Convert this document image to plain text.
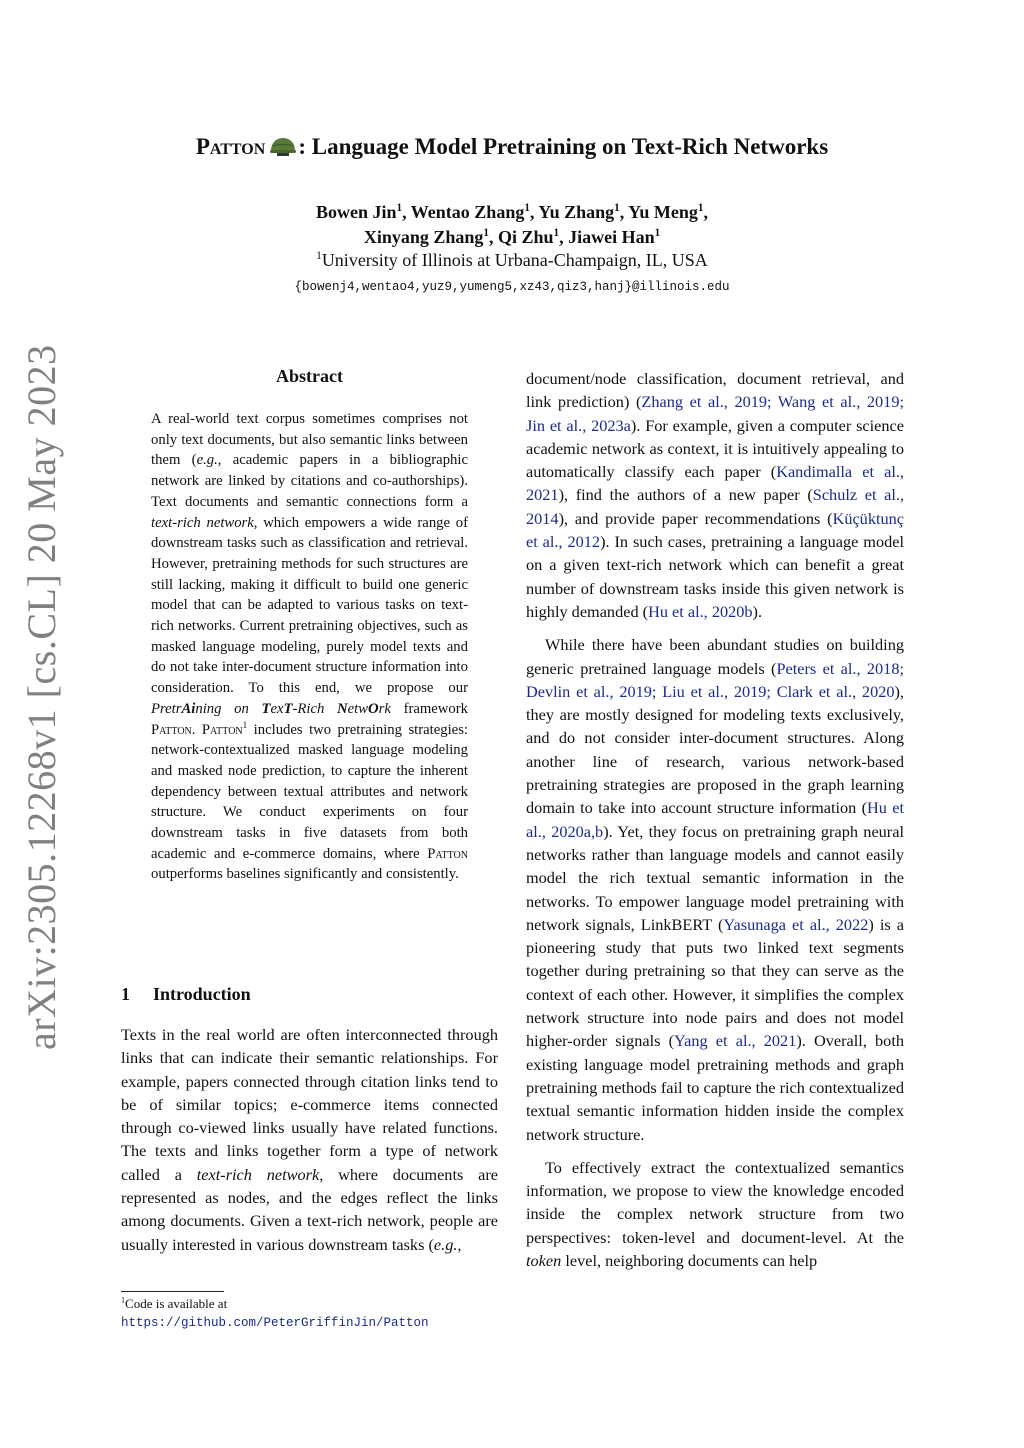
arXiv:2305.12268v1 [cs.CL] 20 May 2023
Patton : Language Model Pretraining on Text-Rich Networks
Bowen Jin$^1$, Wentao Zhang$^1$, Yu Zhang$^1$, Yu Meng$^1$,
Xinyang Zhang$^1$, Qi Zhu$^1$, Jiawei Han$^1$
$^1$University of Illinois at Urbana-Champaign, IL, USA
{bowenj4,wentao4,yuz9,yumeng5,xz43,qiz3,hanj}@illinois.edu
Abstract
A real-world text corpus sometimes comprises not only text documents, but also semantic links between them (e.g., academic papers in a bibliographic network are linked by citations and co-authorships). Text documents and semantic connections form a text-rich network, which empowers a wide range of downstream tasks such as classification and retrieval. However, pretraining methods for such structures are still lacking, making it difficult to build one generic model that can be adapted to various tasks on text-rich networks. Current pretraining objectives, such as masked language modeling, purely model texts and do not take inter-document structure information into consideration. To this end, we propose our PretrAining on TexT-Rich NetwOrk framework Patton. Patton$^1$ includes two pretraining strategies: network-contextualized masked language modeling and masked node prediction, to capture the inherent dependency between textual attributes and network structure. We conduct experiments on four downstream tasks in five datasets from both academic and e-commerce domains, where Patton outperforms baselines significantly and consistently.
1 Introduction
Texts in the real world are often interconnected through links that can indicate their semantic relationships. For example, papers connected through citation links tend to be of similar topics; e-commerce items connected through co-viewed links usually have related functions. The texts and links together form a type of network called a text-rich network, where documents are represented as nodes, and the edges reflect the links among documents. Given a text-rich network, people are usually interested in various downstream tasks (e.g.,
$^1$Code is available at https://github.com/PeterGriffinJin/Patton

document/node classification, document retrieval, and link prediction) (Zhang et al., 2019; Wang et al., 2019; Jin et al., 2023a). For example, given a computer science academic network as context, it is intuitively appealing to automatically classify each paper (Kandimalla et al., 2021), find the authors of a new paper (Schulz et al., 2014), and provide paper recommendations (Küçüktunç et al., 2012). In such cases, pretraining a language model on a given text-rich network which can benefit a great number of downstream tasks inside this given network is highly demanded (Hu et al., 2020b).

While there have been abundant studies on building generic pretrained language models (Peters et al., 2018; Devlin et al., 2019; Liu et al., 2019; Clark et al., 2020), they are mostly designed for modeling texts exclusively, and do not consider inter-document structures. Along another line of research, various network-based pretraining strategies are proposed in the graph learning domain to take into account structure information (Hu et al., 2020a,b). Yet, they focus on pretraining graph neural networks rather than language models and cannot easily model the rich textual semantic information in the networks. To empower language model pretraining with network signals, LinkBERT (Yasunaga et al., 2022) is a pioneering study that puts two linked text segments together during pretraining so that they can serve as the context of each other. However, it simplifies the complex network structure into node pairs and does not model higher-order signals (Yang et al., 2021). Overall, both existing language model pretraining methods and graph pretraining methods fail to capture the rich contextualized textual semantic information hidden inside the complex network structure.

To effectively extract the contextualized semantics information, we propose to view the knowledge encoded inside the complex network structure from two perspectives: token-level and document-level. At the token level, neighboring documents can help
